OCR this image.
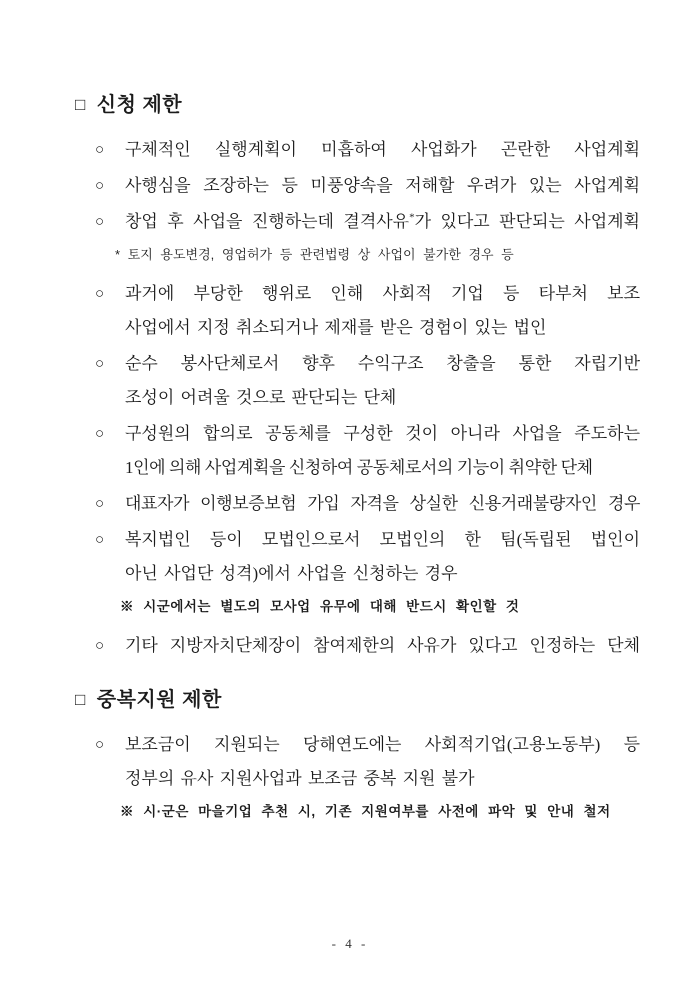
□ 신청 제한
○	구체적인 실행계획이 미흡하여 사업화가 곤란한 사업계획
○	사행심을 조장하는 등 미풍양속을 저해할 우려가 있는 사업계획
○	창업 후 사업을 진행하는데 결격사유*가 있다고 판단되는 사업계획
* 토지 용도변경, 영업허가 등 관련법령 상 사업이 불가한 경우 등
○	과거에 부당한 행위로 인해 사회적 기업 등 타부처 보조
사업에서 지정 취소되거나 제재를 받은 경험이 있는 법인
○	순수 봉사단체로서 향후 수익구조 창출을 통한 자립기반
조성이 어려울 것으로 판단되는 단체
○	구성원의 합의로 공동체를 구성한 것이 아니라 사업을 주도하는
1인에 의해 사업계획을 신청하여 공동체로서의 기능이 취약한 단체
○	대표자가 이행보증보험 가입 자격을 상실한 신용거래불량자인 경우
○	복지법인 등이 모법인으로서 모법인의 한 팀(독립된 법인이
아닌 사업단 성격)에서 사업을 신청하는 경우
※ 시군에서는 별도의 모사업 유무에 대해 반드시 확인할 것
○	기타 지방자치단체장이 참여제한의 사유가 있다고 인정하는 단체
□ 중복지원 제한
○	보조금이 지원되는 당해연도에는 사회적기업(고용노동부) 등
정부의 유사 지원사업과 보조금 중복 지원 불가
※ 시·군은 마을기업 추천 시, 기존 지원여부를 사전에 파악 및 안내 철저
- 4 -
